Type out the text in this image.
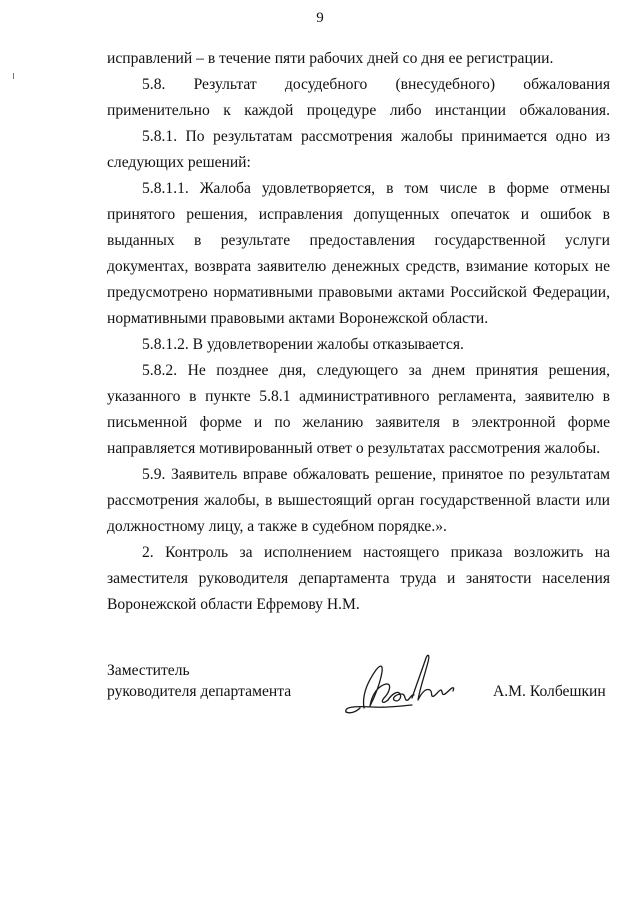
9

исправлений – в течение пяти рабочих дней со дня ее регистрации.

5.8. Результат досудебного (внесудебного) обжалования применительно к каждой процедуре либо инстанции обжалования.

5.8.1. По результатам рассмотрения жалобы принимается одно из следующих решений:

5.8.1.1. Жалоба удовлетворяется, в том числе в форме отмены принятого решения, исправления допущенных опечаток и ошибок в выданных в результате предоставления государственной услуги документах, возврата заявителю денежных средств, взимание которых не предусмотрено нормативными правовыми актами Российской Федерации, нормативными правовыми актами Воронежской области.

5.8.1.2. В удовлетворении жалобы отказывается.

5.8.2. Не позднее дня, следующего за днем принятия решения, указанного в пункте 5.8.1 административного регламента, заявителю в письменной форме и по желанию заявителя в электронной форме направляется мотивированный ответ о результатах рассмотрения жалобы.

5.9. Заявитель вправе обжаловать решение, принятое по результатам рассмотрения жалобы, в вышестоящий орган государственной власти или должностному лицу, а также в судебном порядке.».

2. Контроль за исполнением настоящего приказа возложить на заместителя руководителя департамента труда и занятости населения Воронежской области Ефремову Н.М.

Заместитель
руководителя департамента	А.М. Колбешкин
